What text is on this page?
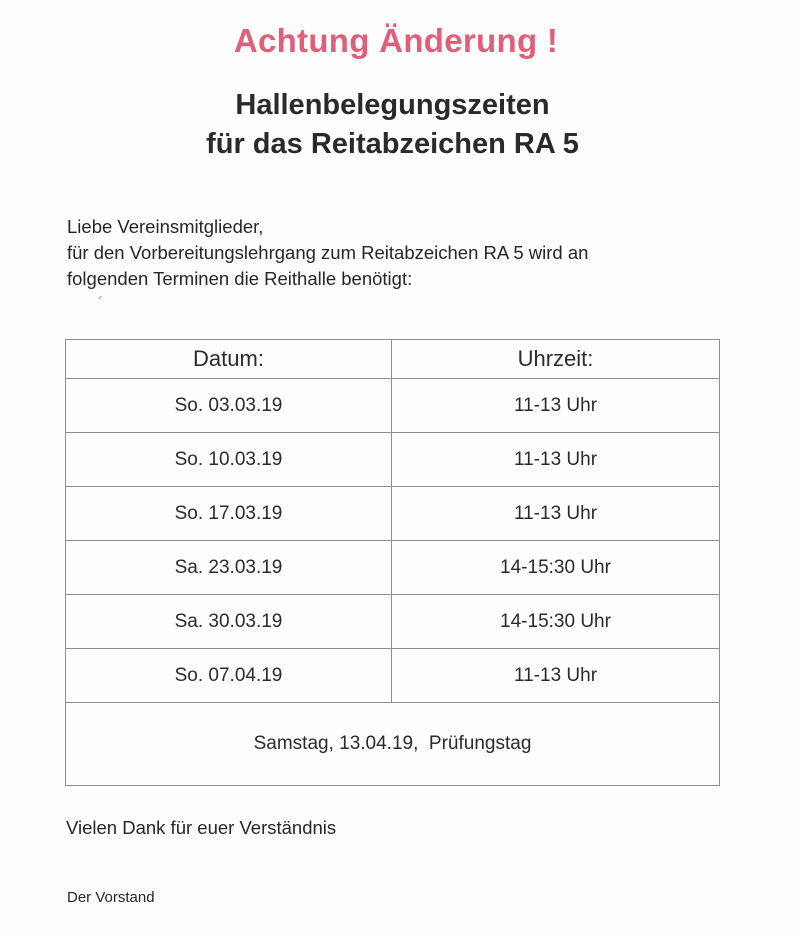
Achtung Änderung !
Hallenbelegungszeiten
für das Reitabzeichen RA 5
Liebe Vereinsmitglieder,
für den Vorbereitungslehrgang zum Reitabzeichen RA 5 wird an
folgenden Terminen die Reithalle benötigt:
Datum:	Uhrzeit:
So. 03.03.19	11-13 Uhr
So. 10.03.19	11-13 Uhr
So. 17.03.19	11-13 Uhr
Sa. 23.03.19	14-15:30 Uhr
Sa. 30.03.19	14-15:30 Uhr
So. 07.04.19	11-13 Uhr
Samstag, 13.04.19,  Prüfungstag	
Vielen Dank für euer Verständnis
Der Vorstand
